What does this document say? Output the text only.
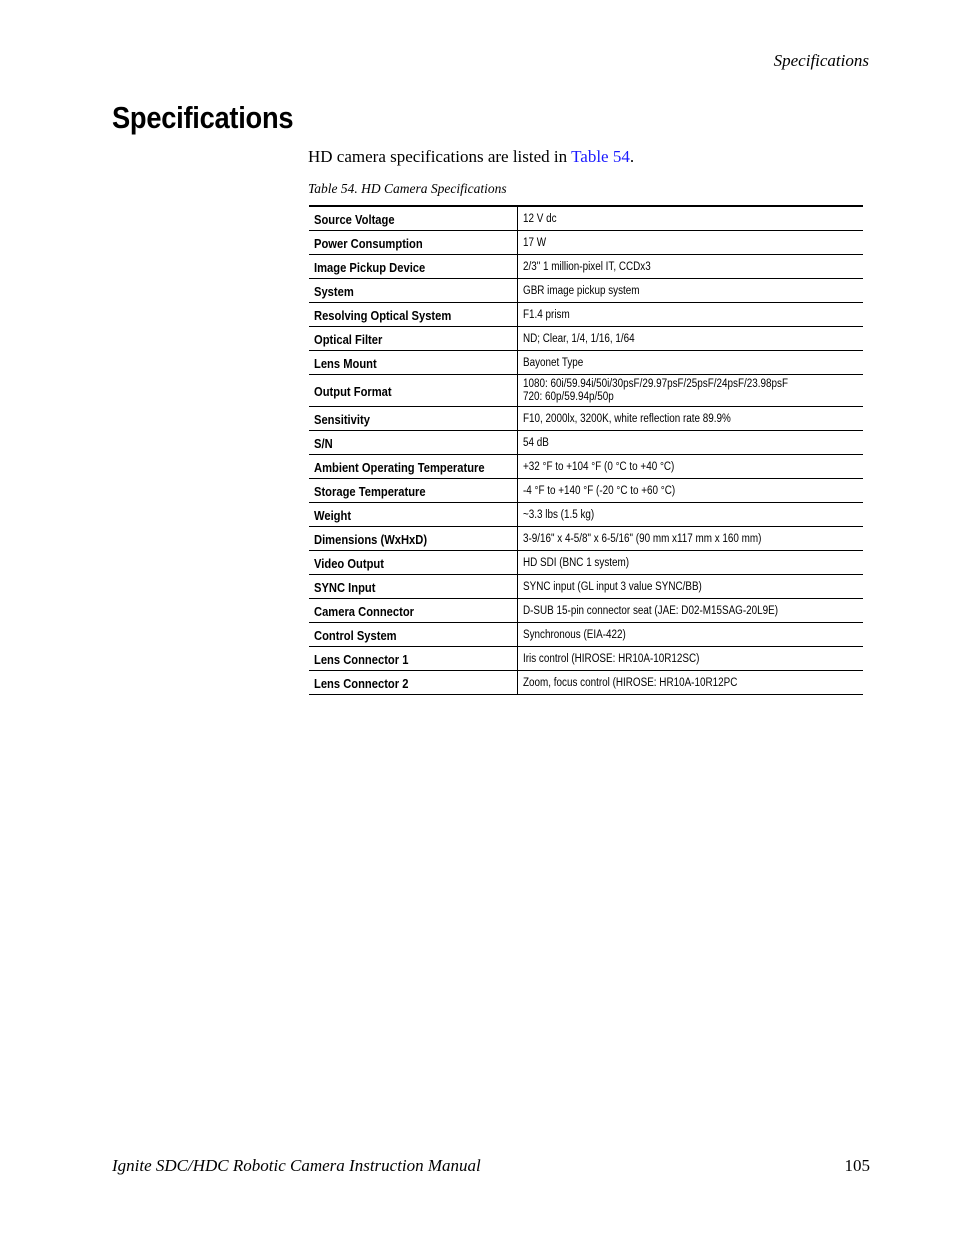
Specifications
Specifications
HD camera specifications are listed in Table 54.
Table 54. HD Camera Specifications
Source Voltage	12 V dc

Power Consumption	17 W

Image Pickup Device	2/3" 1 million-pixel IT, CCDx3

System	GBR image pickup system

Resolving Optical System	F1.4 prism

Optical Filter	ND; Clear, 1/4, 1/16, 1/64

Lens Mount	Bayonet Type

Output Format	1080: 60i/59.94i/50i/30psF/29.97psF/25psF/24psF/23.98psF
720: 60p/59.94p/50p

Sensitivity	F10, 2000lx, 3200K, white reflection rate 89.9%

S/N	54 dB

Ambient Operating Temperature	+32 °F to +104 °F (0 °C to +40 °C)

Storage Temperature	-4 °F to +140 °F (-20 °C to +60 °C)

Weight	~3.3 lbs (1.5 kg)

Dimensions (WxHxD)	3-9/16" x 4-5/8" x 6-5/16" (90 mm x117 mm x 160 mm)

Video Output	HD SDI (BNC 1 system)

SYNC Input	SYNC input (GL input 3 value SYNC/BB)

Camera Connector	D-SUB 15-pin connector seat (JAE: D02-M15SAG-20L9E)

Control System	Synchronous (EIA-422)

Lens Connector 1	Iris control (HIROSE: HR10A-10R12SC)

Lens Connector 2	Zoom, focus control (HIROSE: HR10A-10R12PC
Ignite SDC/HDC Robotic Camera Instruction Manual	105
